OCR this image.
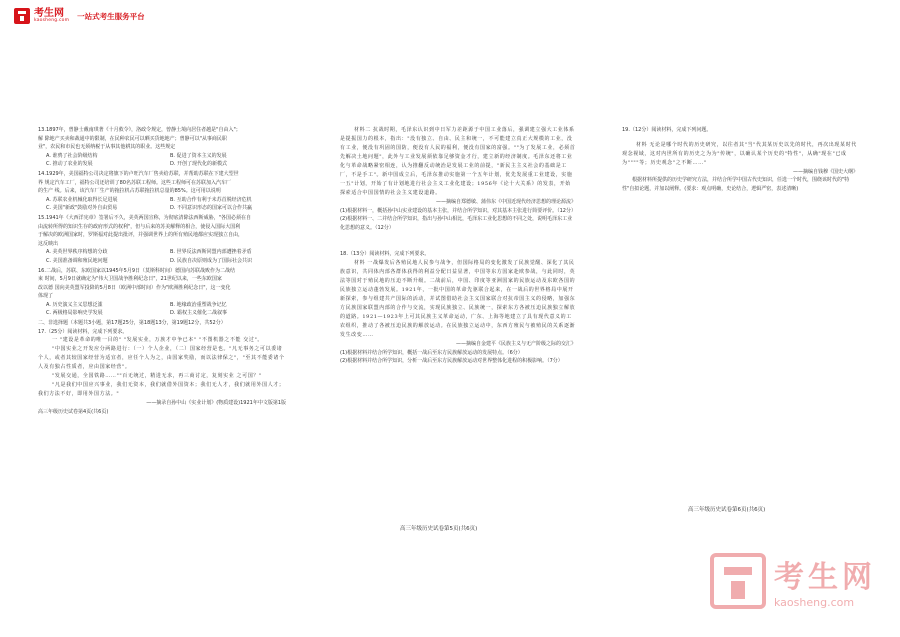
考生网
kaosheng.com 一站式考生服务平台

13.1897年，曾静士戴南琪著《十月救令》，洛政令规定，曾静土境向居住者越是"自由入"；

解 除地产买卖和裁通中的限制，在民种农民可以晒买货地地产；曾静可以"从事商民职

业"，农民和市民也无须纳税于从事其他耕其的职业。这些规定

A. 谁鸦了社会阶级结构	B. 促进了资本主义的发展
C. 推动了农业的发展	D. 开创了现代化的新模式

14.1929年，美国福特公司决定将旗下的卢旺汽车厂售卖给苏联，并帮助苏联在下建大型世

界 规定汽车工厂，福特公司还培训了80名苏联工程师。这些工程师可在苏联加入汽车厂

的生产 线。后来，该汽车厂生产的拖拉机占苏联拖拉机总量的85%。这可用以说明

A. 苏联农业机械化取得长足进展	B. 互助合作有利于未苏首脱经济危机
C. 美国"新政"鼓励对外自由贸易	D. 不同意识形态的国家可以合作共赢

15.1941年《大西洋宪章》签署后不久，美英两国宣称，为彻底清除法西斯威胁，"各国必须在自

由流转所得的知识生存的政府形式的权利"，但与后来的苏美解释的相合，使侵入国际大国利

于解决的欧洲国家时，罗斯福对此提出批评，并强调世界上的所有殖民地都应实现独立自由，

这反映出

A. 美英世界秩序构想的分歧	B. 世界反法西斯同盟内部遭挫着矛盾
C. 美国准备调和殖民地问题	D. 民族自决原则成为了国际社会共识

16.二战后，苏联、东欧国家以1945年5月9日（莫斯科时间）德国向苏联战败作为二战结

束 时间，5月9日就确定为"伟大卫国战争胜利纪念日"，21世纪以来，一些东欧国家

改以德 国向美英盟军投降的5月8日（欧洲中部时间）作为"欧洲胜利纪念日"，这一变化

体现了

A. 历史演义主义思想泛滥	B. 地缘政治重塑战争记忆
C. 两极格局影响史学发展	D. 霸权主义催化二战叙事

二、非选择题（本题共3小题，第17题25分，第18题13分，第19题12分，共52分）

17.（25分）阅读材料，完成下列要求。

一 "建设是革命的唯一目的" "发展实业，万族才中争已本" "不图机器之不能 交过"。

"中国实业之开发应分两路进行：（一）个人企业，（二）国家经营是也。"凡无事务之可以委诸个人，或者其较国家经营为适宜者，应任个人为之，由国家奖励，而以法律保之"，"至其不能委诸个人及有独占性质者，应由国家经营"。

"发展交通，全国铁路……""百无统过，精进无求，再三商讨定，复刻实业 之可国？"

"凡是我们中国应兴事业，我们无资本，我们就借外国资本；我们无人才，我们就用外国人才；我们方法不好，即用外国方法。"

——摘录自孙中山《实业计划》(物质建设)1921年中文版第1版

高三年级历史试卷第4页(共6页)

材料二 抗战时期，毛泽东认识到中日军力差距源于中国工业落后，强调建立强大工业体系是提振国力的根本，指出："没有独立、自由、民主和统一，不可能建立真正大规模的工业，没有工业，便没有巩固的国防，便没有人民的福利，便没有国家的富强。""为了发展工业，必须首先解决土地问题"，此外与工业发展须依靠足够资金才行，建立新的经济制度。毛泽东还将工业化与革命战略紧密相连，认为推翻反动统治是发展工业的前提，"新民主主义社会的基础是工厂，不是手工"。新中国成立后，毛泽东推动实施第一个五年计划，优先发展重工业建设，实施一五"计划，开始了有计划地进行社会主义工业化建设；1956年《论十大关系》的发表，开始探索适合中国国情的社会主义建设道路。

——摘编自郑德敏、蒲伟东《中国近现代经济思想的理论源流》

(1)根据材料一，概括孙中山实业建设的基本主张，并结合所学知识，对其基本主张进行简要评价。（12分）

(2)根据材料一、二并结合所学知识，指出与孙中山相比，毛泽东工业化思想的不同之处，说明毛泽东工业化思想的意义。（12分）

18.（13分）阅读材料，完成下列要求。

材料 一战爆发后各殖民地人民参与战争，但国际格局的变化激发了民族觉醒、深化了其民族意识，共同体内部各群体获得的利益分配日益显著，中国等东方国家赴欧参战，与此同时，英法等国对于殖民地的压迫不断升级。二战前后，中国、印度等亚洲国家的民族运动及东欧各国的民族独立运动蓬勃发展。1921年，一批中国的革命先驱联合起来，在一战后的世界格局中展开新探索，参与组建共产国际的活动，并试图借助社会主义国家联合对抗帝国主义的侵略，加强东方民族国家联盟内部的合作与交流，实现民族独立、民族统一，探索东方各被压迫民族独立解放的道路。1921—1923年上可其民族主义革命运动，广东、上海等地建立了具有现代意义的工农组织，推动了各被压迫民族的解放运动。在民族独立运动中，东西方殖民与被殖民的关系逐渐发生改变……

——摘编自金建平《民族主义与无产阶级之际的交汇》

(1)根据材料并结合所学知识，概括一战后至东方民族解放运动的发展特点。（6分）

(2)根据材料并结合所学知识，分析一战后至东方民族解放运动对世界整体化进程的积极影响。（7分）

高三年级历史试卷第5页(共6页)

19.（12分）阅读材料，完成下列问题。

材料 无论是哪个时代的历史研究，以往者其"当"代其某历史以先的时代，再次出现某时代观念视域，这对内世所有的历史之为为"传统"，以确认某个历史的"特性"，从确"现在"已成为""""等；历史观念"之不断……"

——摘编自钱穆《国史大纲》

根据材料所提供的历史学研究方法，并结合所学中国古代史知识，任选一个时代，围绕该时代的"特性"自拟论题，并加以阐释。(要求：观点明确，史论结合，逻辑严密，表述清晰)

高三年级历史试卷第6页(共6页)
考生网
kaosheng.com
